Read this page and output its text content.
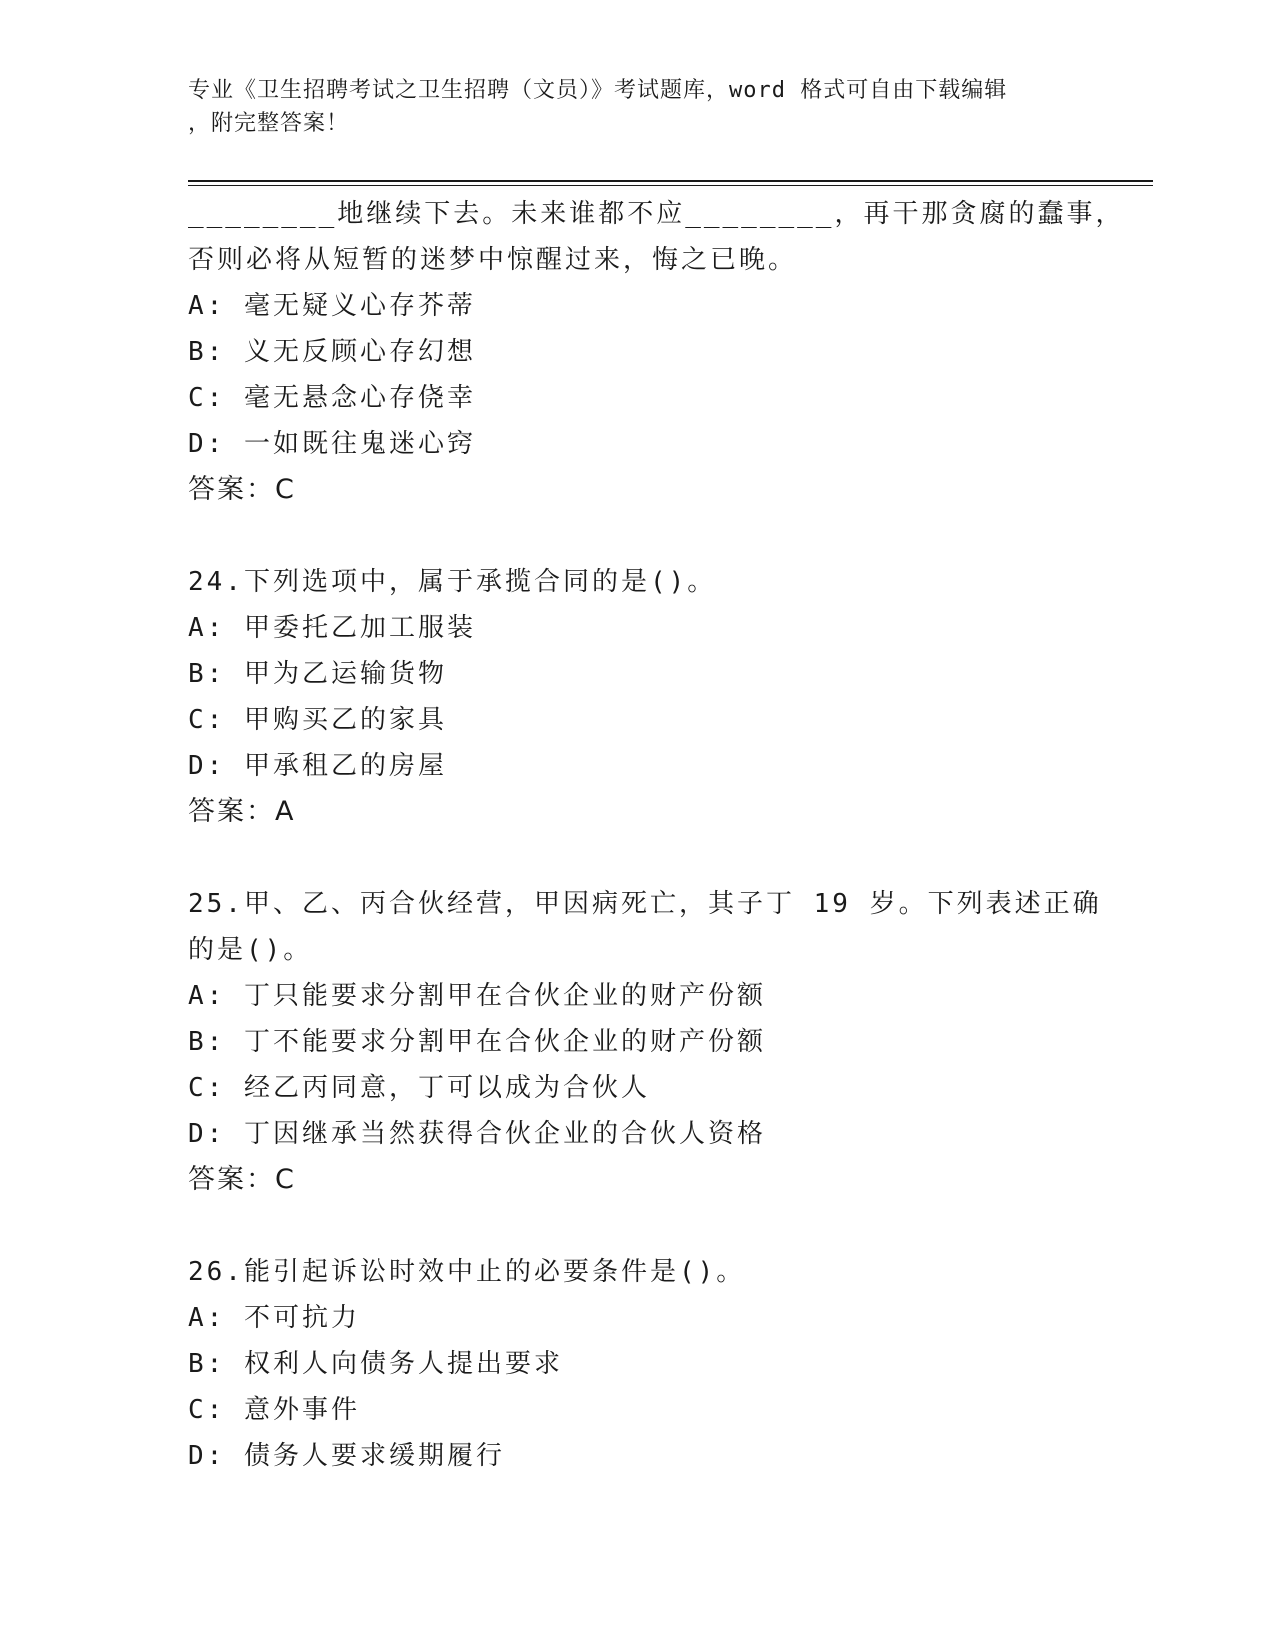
专业《卫生招聘考试之卫生招聘（文员）》考试题库，word 格式可自由下载编辑
，附完整答案！
________地继续下去。未来谁都不应________，再干那贪腐的蠢事，
否则必将从短暂的迷梦中惊醒过来，悔之已晚。
A: 毫无疑义心存芥蒂
B: 义无反顾心存幻想
C: 毫无悬念心存侥幸
D: 一如既往鬼迷心窍
答案：C
24.下列选项中，属于承揽合同的是()。
A: 甲委托乙加工服装
B: 甲为乙运输货物
C: 甲购买乙的家具
D: 甲承租乙的房屋
答案：A
25.甲、乙、丙合伙经营，甲因病死亡，其子丁 19 岁。下列表述正确
的是()。
A: 丁只能要求分割甲在合伙企业的财产份额
B: 丁不能要求分割甲在合伙企业的财产份额
C: 经乙丙同意，丁可以成为合伙人
D: 丁因继承当然获得合伙企业的合伙人资格
答案：C
26.能引起诉讼时效中止的必要条件是()。
A: 不可抗力
B: 权利人向债务人提出要求
C: 意外事件
D: 债务人要求缓期履行
